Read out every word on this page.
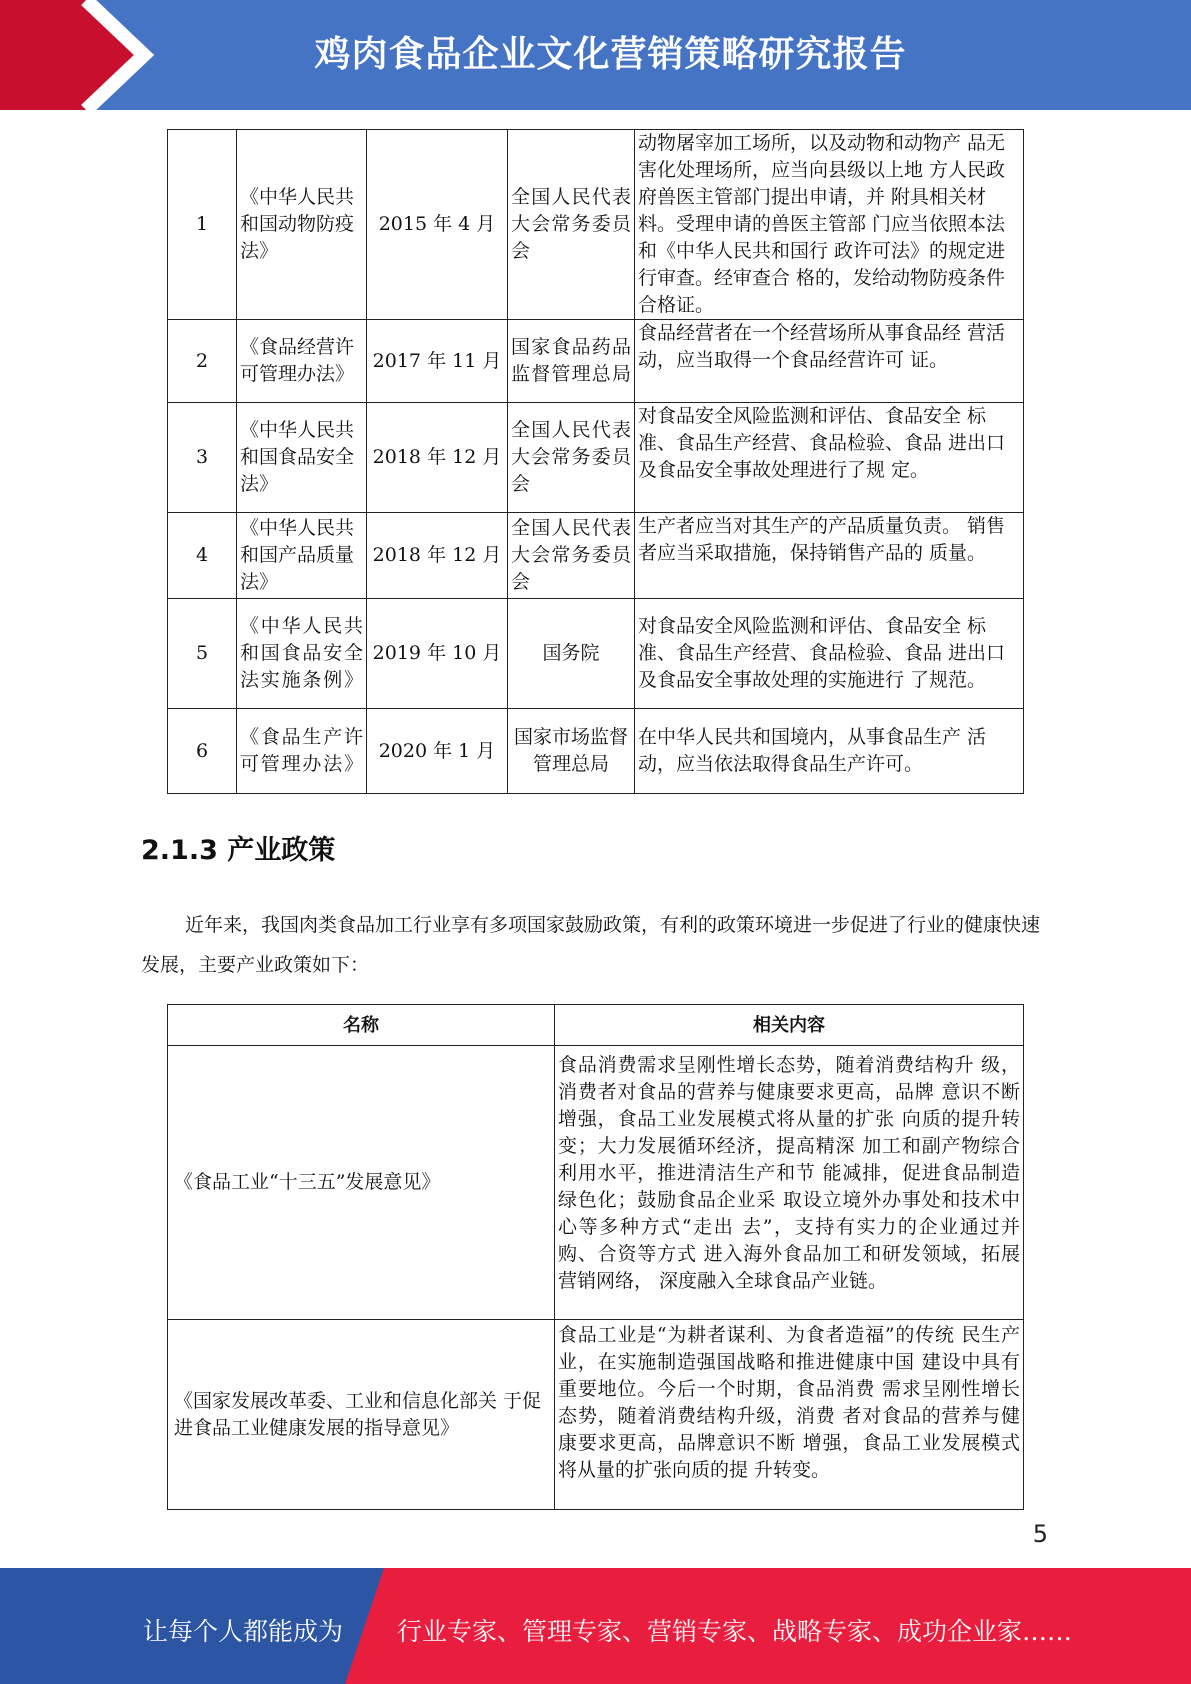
鸡肉食品企业文化营销策略研究报告
1	《中华人民共和国动物防疫法》	2015 年 4 月	全国人民代表大会常务委员会	动物屠宰加工场所，以及动物和动物产 品无害化处理场所，应当向县级以上地 方人民政府兽医主管部门提出申请，并 附具相关材料。受理申请的兽医主管部 门应当依照本法和《中华人民共和国行 政许可法》的规定进行审查。经审查合 格的，发给动物防疫条件合格证。
2	《食品经营许可管理办法》	2017 年 11 月	国家食品药品监督管理总局	食品经营者在一个经营场所从事食品经 营活动，应当取得一个食品经营许可 证。
3	《中华人民共和国食品安全法》	2018 年 12 月	全国人民代表大会常务委员会	对食品安全风险监测和评估、食品安全 标准、食品生产经营、食品检验、食品 进出口及食品安全事故处理进行了规 定。
4	《中华人民共和国产品质量法》	2018 年 12 月	全国人民代表大会常务委员会	生产者应当对其生产的产品质量负责。 销售者应当采取措施，保持销售产品的 质量。
5	《中华人民共和国食品安全法实施条例》	2019 年 10 月	国务院	对食品安全风险监测和评估、食品安全 标准、食品生产经营、食品检验、食品 进出口及食品安全事故处理的实施进行 了规范。
6	《食品生产许可管理办法》	2020 年 1 月	国家市场监督管理总局	在中华人民共和国境内，从事食品生产 活动，应当依法取得食品生产许可。
2.1.3 产业政策
近年来，我国肉类食品加工行业享有多项国家鼓励政策，有利的政策环境进一步促进了行业的健康快速发展，主要产业政策如下：
名称	相关内容
《食品工业“十三五”发展意见》	食品消费需求呈刚性增长态势，随着消费结构升 级，消费者对食品的营养与健康要求更高，品牌 意识不断增强，食品工业发展模式将从量的扩张 向质的提升转变；大力发展循环经济，提高精深 加工和副产物综合利用水平，推进清洁生产和节 能减排，促进食品制造绿色化；鼓励食品企业采 取设立境外办事处和技术中心等多种方式“走出 去”，支持有实力的企业通过并购、合资等方式 进入海外食品加工和研发领域，拓展营销网络， 深度融入全球食品产业链。
《国家发展改革委、工业和信息化部关 于促进食品工业健康发展的指导意见》	食品工业是“为耕者谋利、为食者造福”的传统 民生产业，在实施制造强国战略和推进健康中国 建设中具有重要地位。今后一个时期，食品消费 需求呈刚性增长态势，随着消费结构升级，消费 者对食品的营养与健康要求更高，品牌意识不断 增强，食品工业发展模式将从量的扩张向质的提 升转变。
5
让每个人都能成为 行业专家、管理专家、营销专家、战略专家、成功企业家……
